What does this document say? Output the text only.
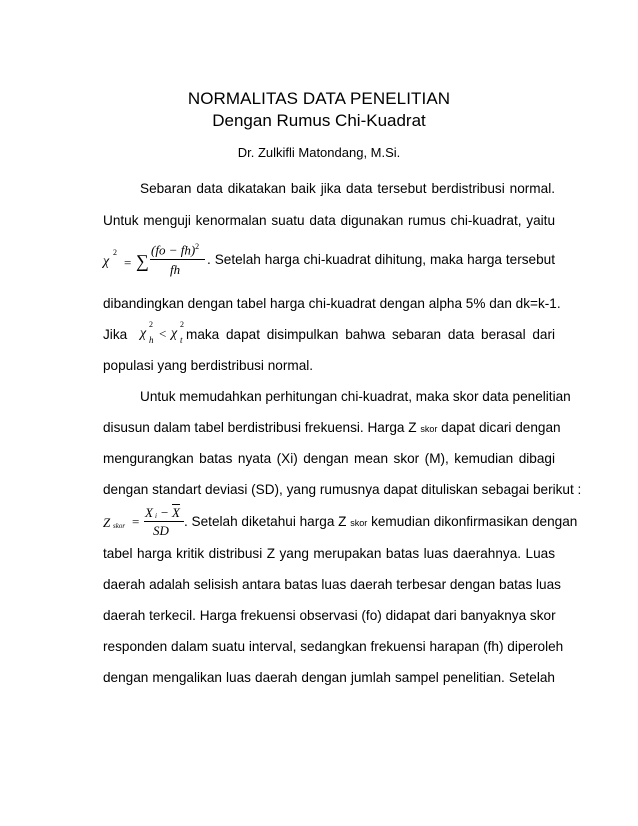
NORMALITAS DATA PENELITIAN
Dengan Rumus Chi-Kuadrat
Dr. Zulkifli Matondang, M.Si.
Sebaran data dikatakan baik jika data tersebut berdistribusi normal.
Untuk menguji kenormalan suatu data digunakan rumus chi-kuadrat, yaitu
χ
2
= ∑
(fo − fh)$^2$
fh
. Setelah harga chi-kuadrat dihitung, maka harga tersebut
dibandingkan dengan tabel harga chi-kuadrat dengan alpha 5% dan dk=k-1.
Jika χ h
2
< χ t
2
maka dapat disimpulkan bahwa sebaran data berasal dari
populasi yang berdistribusi normal.
Untuk memudahkan perhitungan chi-kuadrat, maka skor data penelitian
disusun dalam tabel berdistribusi frekuensi. Harga Z skor dapat dicari dengan
mengurangkan batas nyata (Xi) dengan mean skor (M), kemudian dibagi
dengan standart deviasi (SD), yang rumusnya dapat dituliskan sebagai berikut :
Z skor =
X $i - \overline{X}$
SD
. Setelah diketahui harga Z skor kemudian dikonfirmasikan dengan
tabel harga kritik distribusi Z yang merupakan batas luas daerahnya. Luas
daerah adalah selisish antara batas luas daerah terbesar dengan batas luas
daerah terkecil. Harga frekuensi observasi (fo) didapat dari banyaknya skor
responden dalam suatu interval, sedangkan frekuensi harapan (fh) diperoleh
dengan mengalikan luas daerah dengan jumlah sampel penelitian. Setelah
